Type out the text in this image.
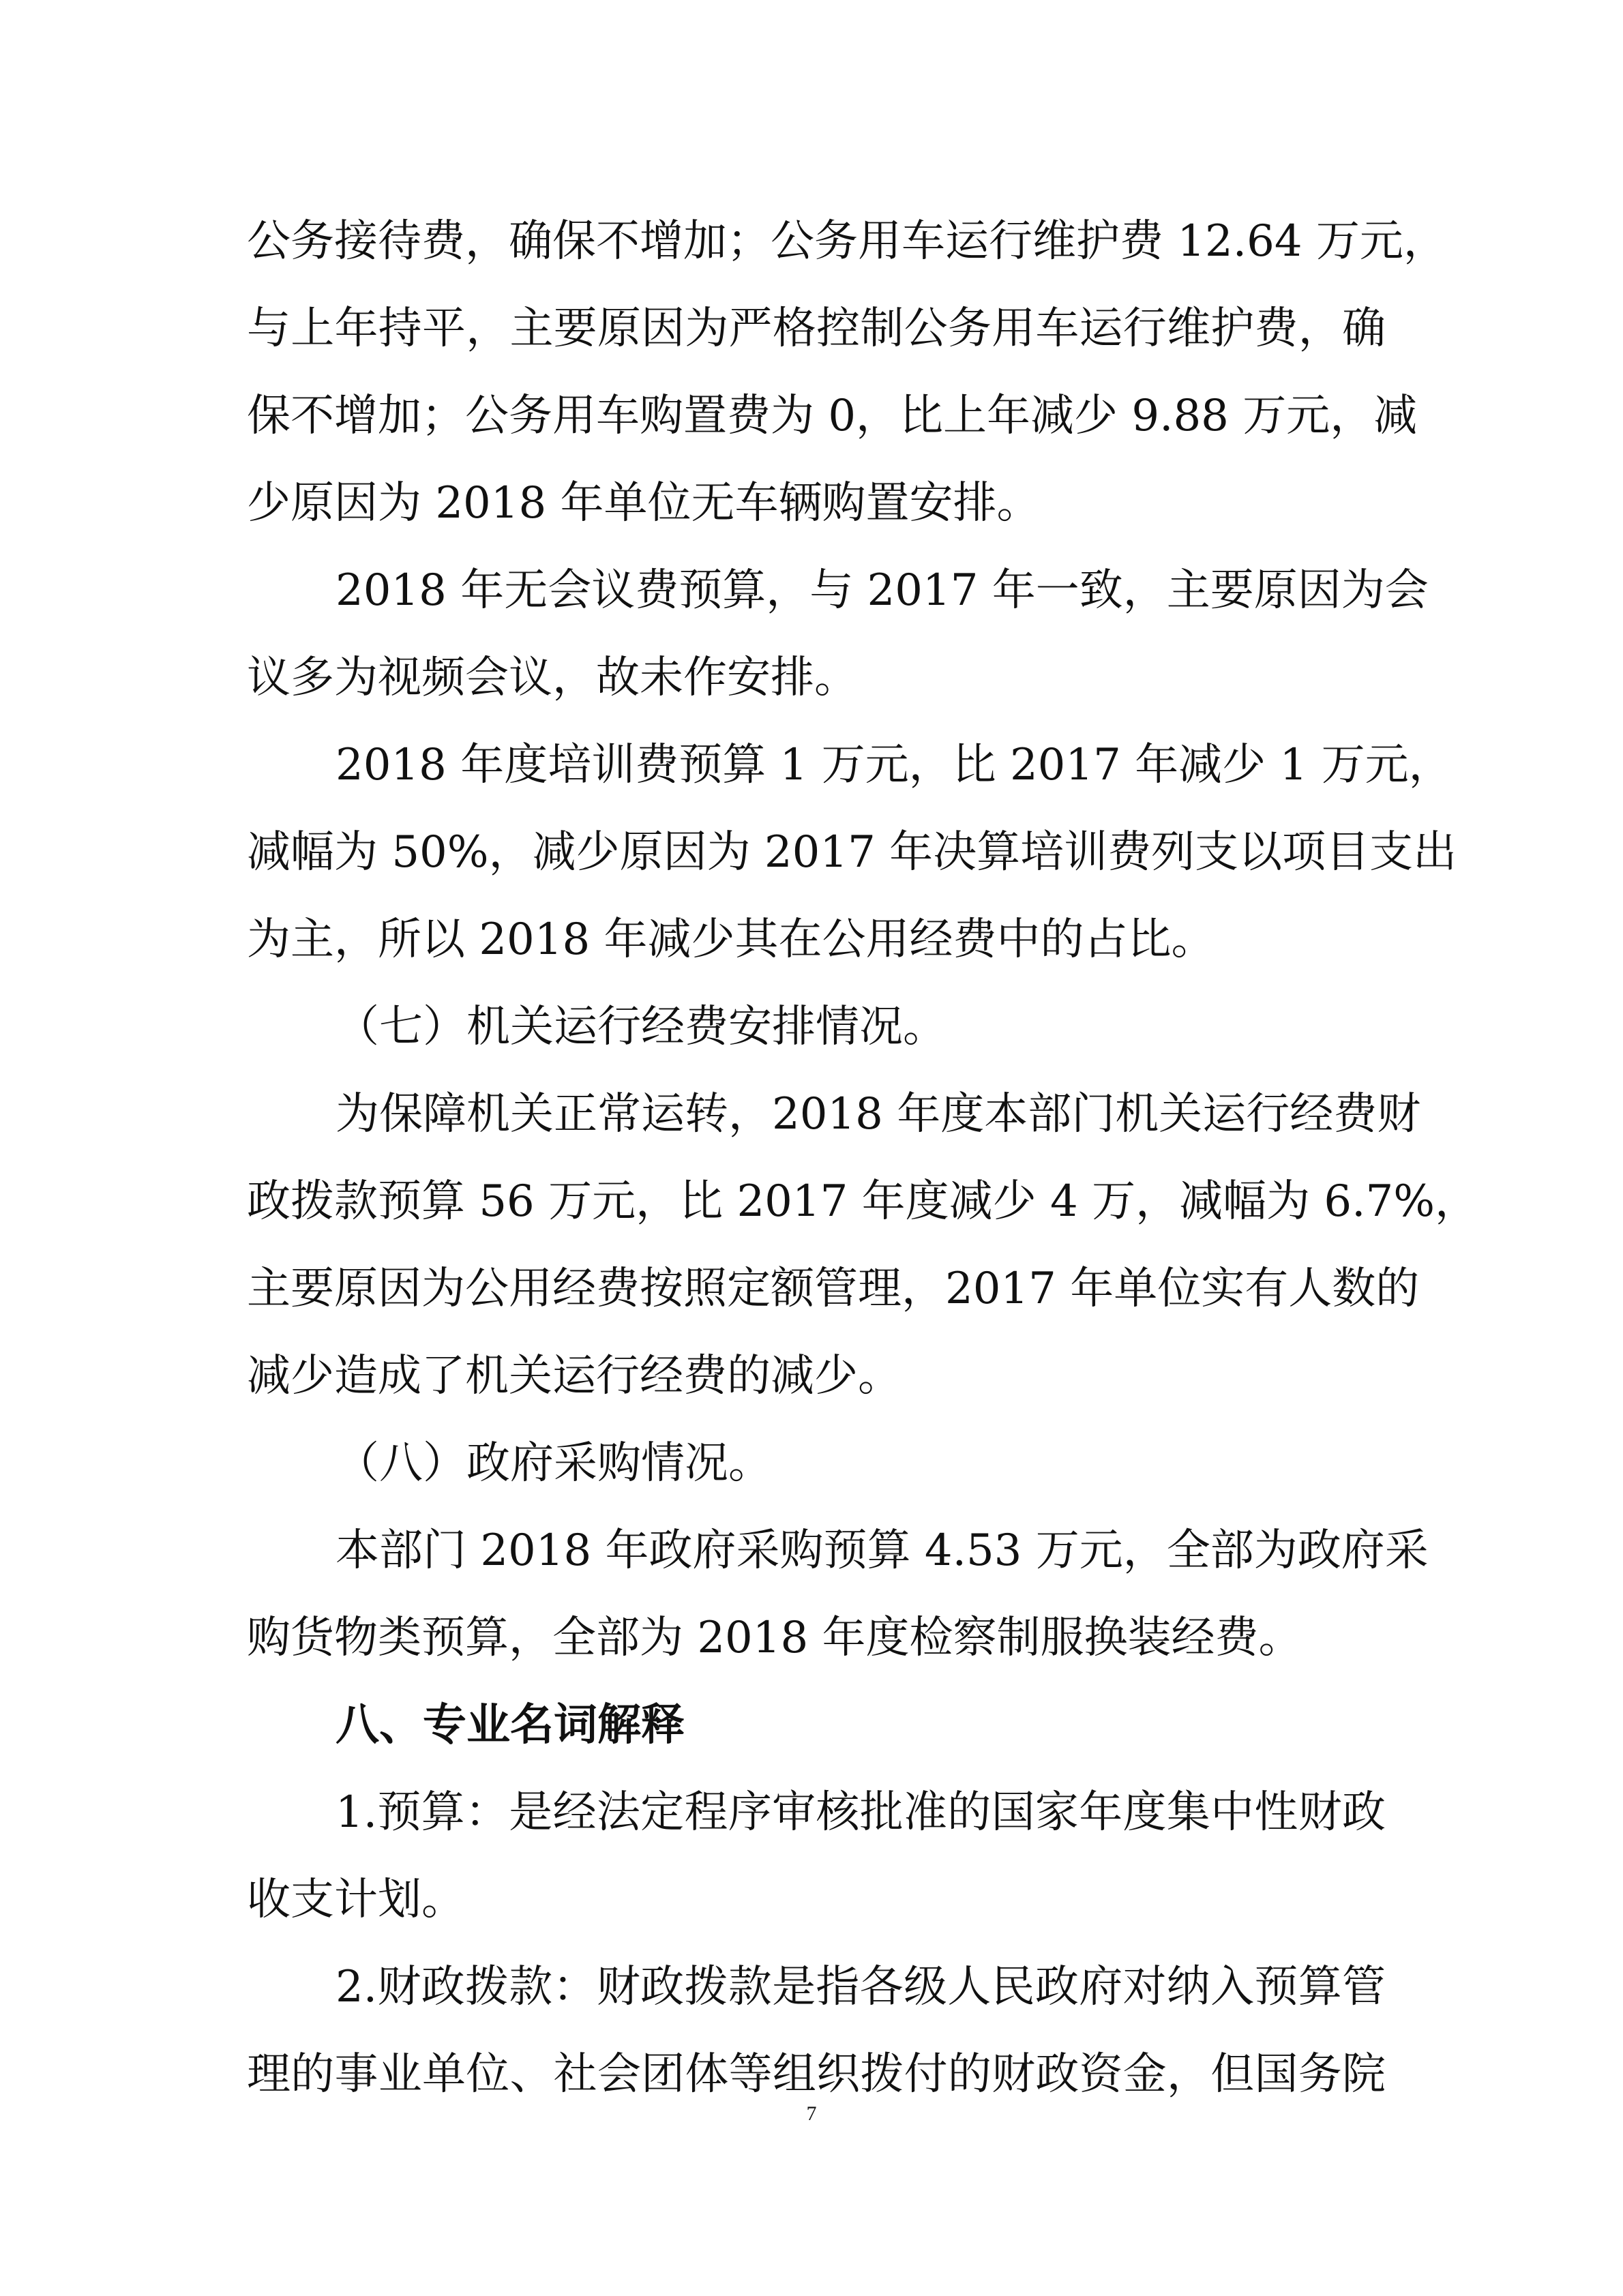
公务接待费，确保不增加；公务用车运行维护费 12.64 万元，
与上年持平，主要原因为严格控制公务用车运行维护费，确
保不增加；公务用车购置费为 0，比上年减少 9.88 万元，减
少原因为 2018 年单位无车辆购置安排。
2018 年无会议费预算，与 2017 年一致，主要原因为会
议多为视频会议，故未作安排。
2018 年度培训费预算 1 万元，比 2017 年减少 1 万元，
减幅为 50%，减少原因为 2017 年决算培训费列支以项目支出
为主，所以 2018 年减少其在公用经费中的占比。
（七）机关运行经费安排情况。
为保障机关正常运转，2018 年度本部门机关运行经费财
政拨款预算 56 万元，比 2017 年度减少 4 万，减幅为 6.7%，
主要原因为公用经费按照定额管理，2017 年单位实有人数的
减少造成了机关运行经费的减少。
（八）政府采购情况。
本部门 2018 年政府采购预算 4.53 万元，全部为政府采
购货物类预算，全部为 2018 年度检察制服换装经费。
八、专业名词解释
1.预算：是经法定程序审核批准的国家年度集中性财政
收支计划。
2.财政拨款：财政拨款是指各级人民政府对纳入预算管
理的事业单位、社会团体等组织拨付的财政资金，但国务院
7
